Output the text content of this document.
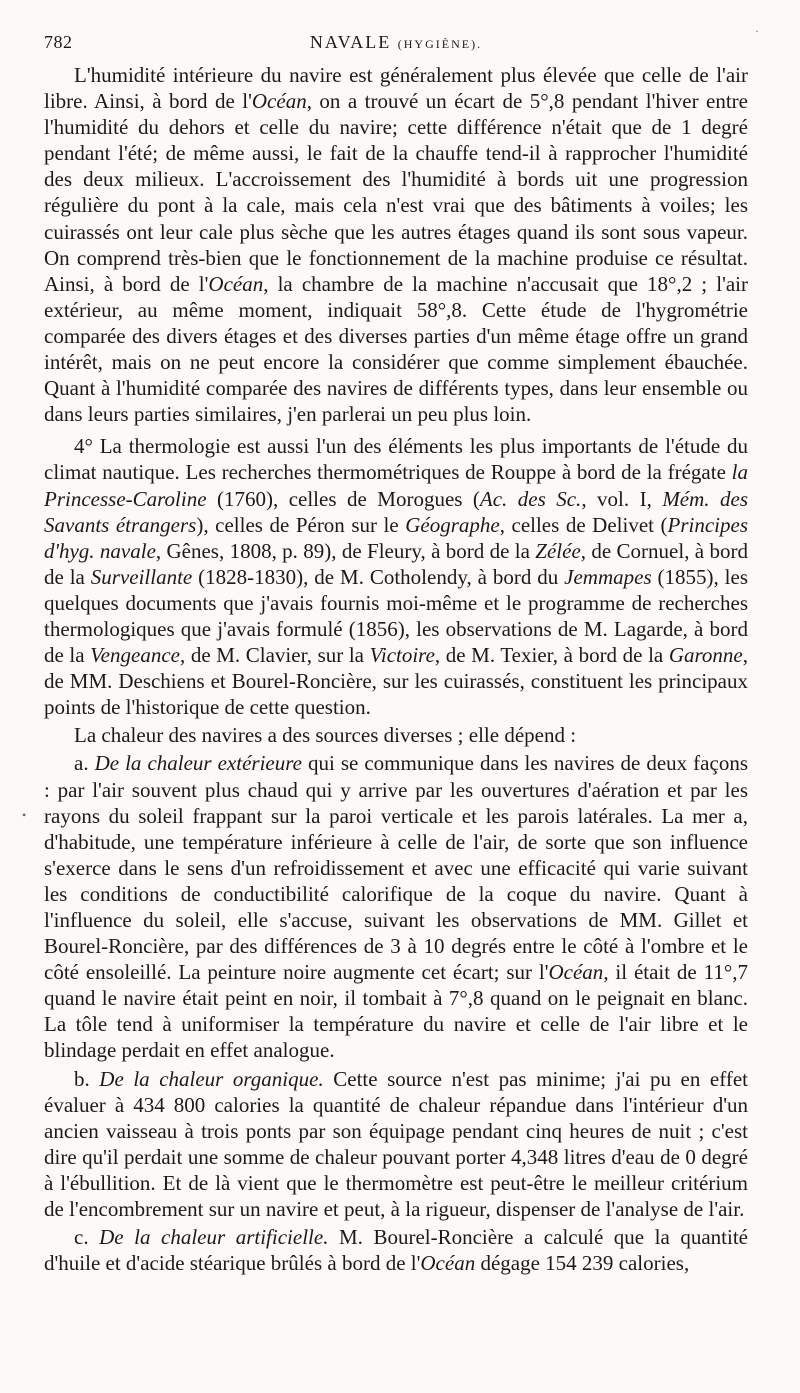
782	NAVALE (HYGIÈNE).

L'humidité intérieure du navire est généralement plus élevée que celle de l'air libre. Ainsi, à bord de l'Océan, on a trouvé un écart de 5°,8 pendant l'hiver entre l'humidité du dehors et celle du navire; cette différence n'était que de 1 degré pendant l'été; de même aussi, le fait de la chauffe tend-il à rapprocher l'humidité des deux milieux. L'accroissement des l'humidité à bords uit une progression régulière du pont à la cale, mais cela n'est vrai que des bâtiments à voiles; les cuirassés ont leur cale plus sèche que les autres étages quand ils sont sous vapeur. On comprend très-bien que le fonctionnement de la machine produise ce résultat. Ainsi, à bord de l'Océan, la chambre de la machine n'accusait que 18°,2 ; l'air extérieur, au même moment, indiquait 58°,8. Cette étude de l'hygrométrie comparée des divers étages et des diverses parties d'un même étage offre un grand intérêt, mais on ne peut encore la considérer que comme simplement ébauchée. Quant à l'humidité comparée des navires de différents types, dans leur ensemble ou dans leurs parties similaires, j'en parlerai un peu plus loin.

4° La thermologie est aussi l'un des éléments les plus importants de l'étude du climat nautique. Les recherches thermométriques de Rouppe à bord de la frégate la Princesse-Caroline (1760), celles de Morogues (Ac. des Sc., vol. I, Mém. des Savants étrangers), celles de Péron sur le Géographe, celles de Delivet (Principes d'hyg. navale, Gênes, 1808, p. 89), de Fleury, à bord de la Zélée, de Cornuel, à bord de la Surveillante (1828-1830), de M. Cotholendy, à bord du Jemmapes (1855), les quelques documents que j'avais fournis moi-même et le programme de recherches thermologiques que j'avais formulé (1856), les observations de M. Lagarde, à bord de la Vengeance, de M. Clavier, sur la Victoire, de M. Texier, à bord de la Garonne, de MM. Deschiens et Bourel-Roncière, sur les cuirassés, constituent les principaux points de l'historique de cette question.

La chaleur des navires a des sources diverses ; elle dépend :

a. De la chaleur extérieure qui se communique dans les navires de deux façons : par l'air souvent plus chaud qui y arrive par les ouvertures d'aération et par les rayons du soleil frappant sur la paroi verticale et les parois latérales. La mer a, d'habitude, une température inférieure à celle de l'air, de sorte que son influence s'exerce dans le sens d'un refroidissement et avec une efficacité qui varie suivant les conditions de conductibilité calorifique de la coque du navire. Quant à l'influence du soleil, elle s'accuse, suivant les observations de MM. Gillet et Bourel-Roncière, par des différences de 3 à 10 degrés entre le côté à l'ombre et le côté ensoleillé. La peinture noire augmente cet écart; sur l'Océan, il était de 11°,7 quand le navire était peint en noir, il tombait à 7°,8 quand on le peignait en blanc. La tôle tend à uniformiser la température du navire et celle de l'air libre et le blindage perdait en effet analogue.

b. De la chaleur organique. Cette source n'est pas minime; j'ai pu en effet évaluer à 434 800 calories la quantité de chaleur répandue dans l'intérieur d'un ancien vaisseau à trois ponts par son équipage pendant cinq heures de nuit ; c'est dire qu'il perdait une somme de chaleur pouvant porter 4,348 litres d'eau de 0 degré à l'ébullition. Et de là vient que le thermomètre est peut-être le meilleur critérium de l'encombrement sur un navire et peut, à la rigueur, dispenser de l'analyse de l'air.

c. De la chaleur artificielle. M. Bourel-Roncière a calculé que la quantité d'huile et d'acide stéarique brûlés à bord de l'Océan dégage 154 239 calories,

·
•
